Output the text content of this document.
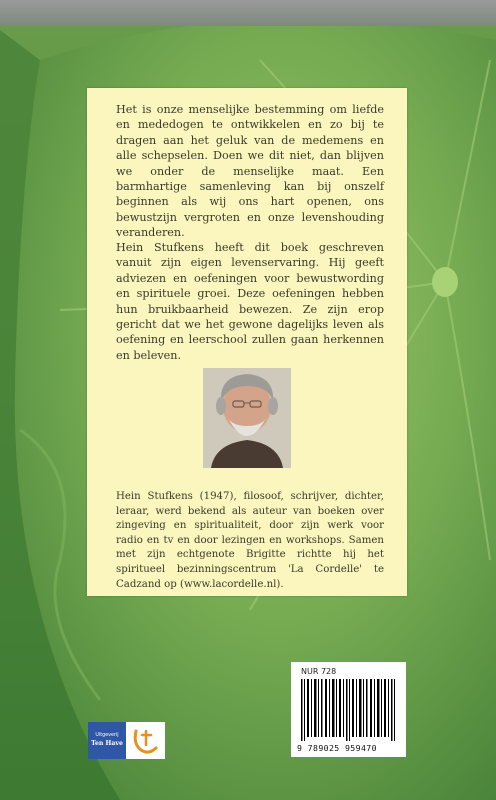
Het is onze menselijke bestemming om liefde en mededogen te ontwikkelen en zo bij te dragen aan het geluk van de medemens en alle schepselen. Doen we dit niet, dan blijven we onder de menselijke maat. Een barmhartige samenleving kan bij onszelf beginnen als wij ons hart openen, ons bewustzijn vergroten en onze levenshouding veranderen.

Hein Stufkens heeft dit boek geschreven vanuit zijn eigen levenservaring. Hij geeft adviezen en oefeningen voor bewustwording en spirituele groei. Deze oefeningen hebben hun bruikbaarheid bewezen. Ze zijn erop gericht dat we het gewone dagelijks leven als oefening en leerschool zullen gaan herkennen en beleven.

Hein Stufkens (1947), filosoof, schrijver, dichter, leraar, werd bekend als auteur van boeken over zingeving en spiritualiteit, door zijn werk voor radio en tv en door lezingen en workshops. Samen met zijn echtgenote Brigitte richtte hij het spiritueel bezinningscentrum 'La Cordelle' te Cadzand op (www.lacordelle.nl).

NUR 728
9 789025 959470
Uitgeverij
Ten Have
